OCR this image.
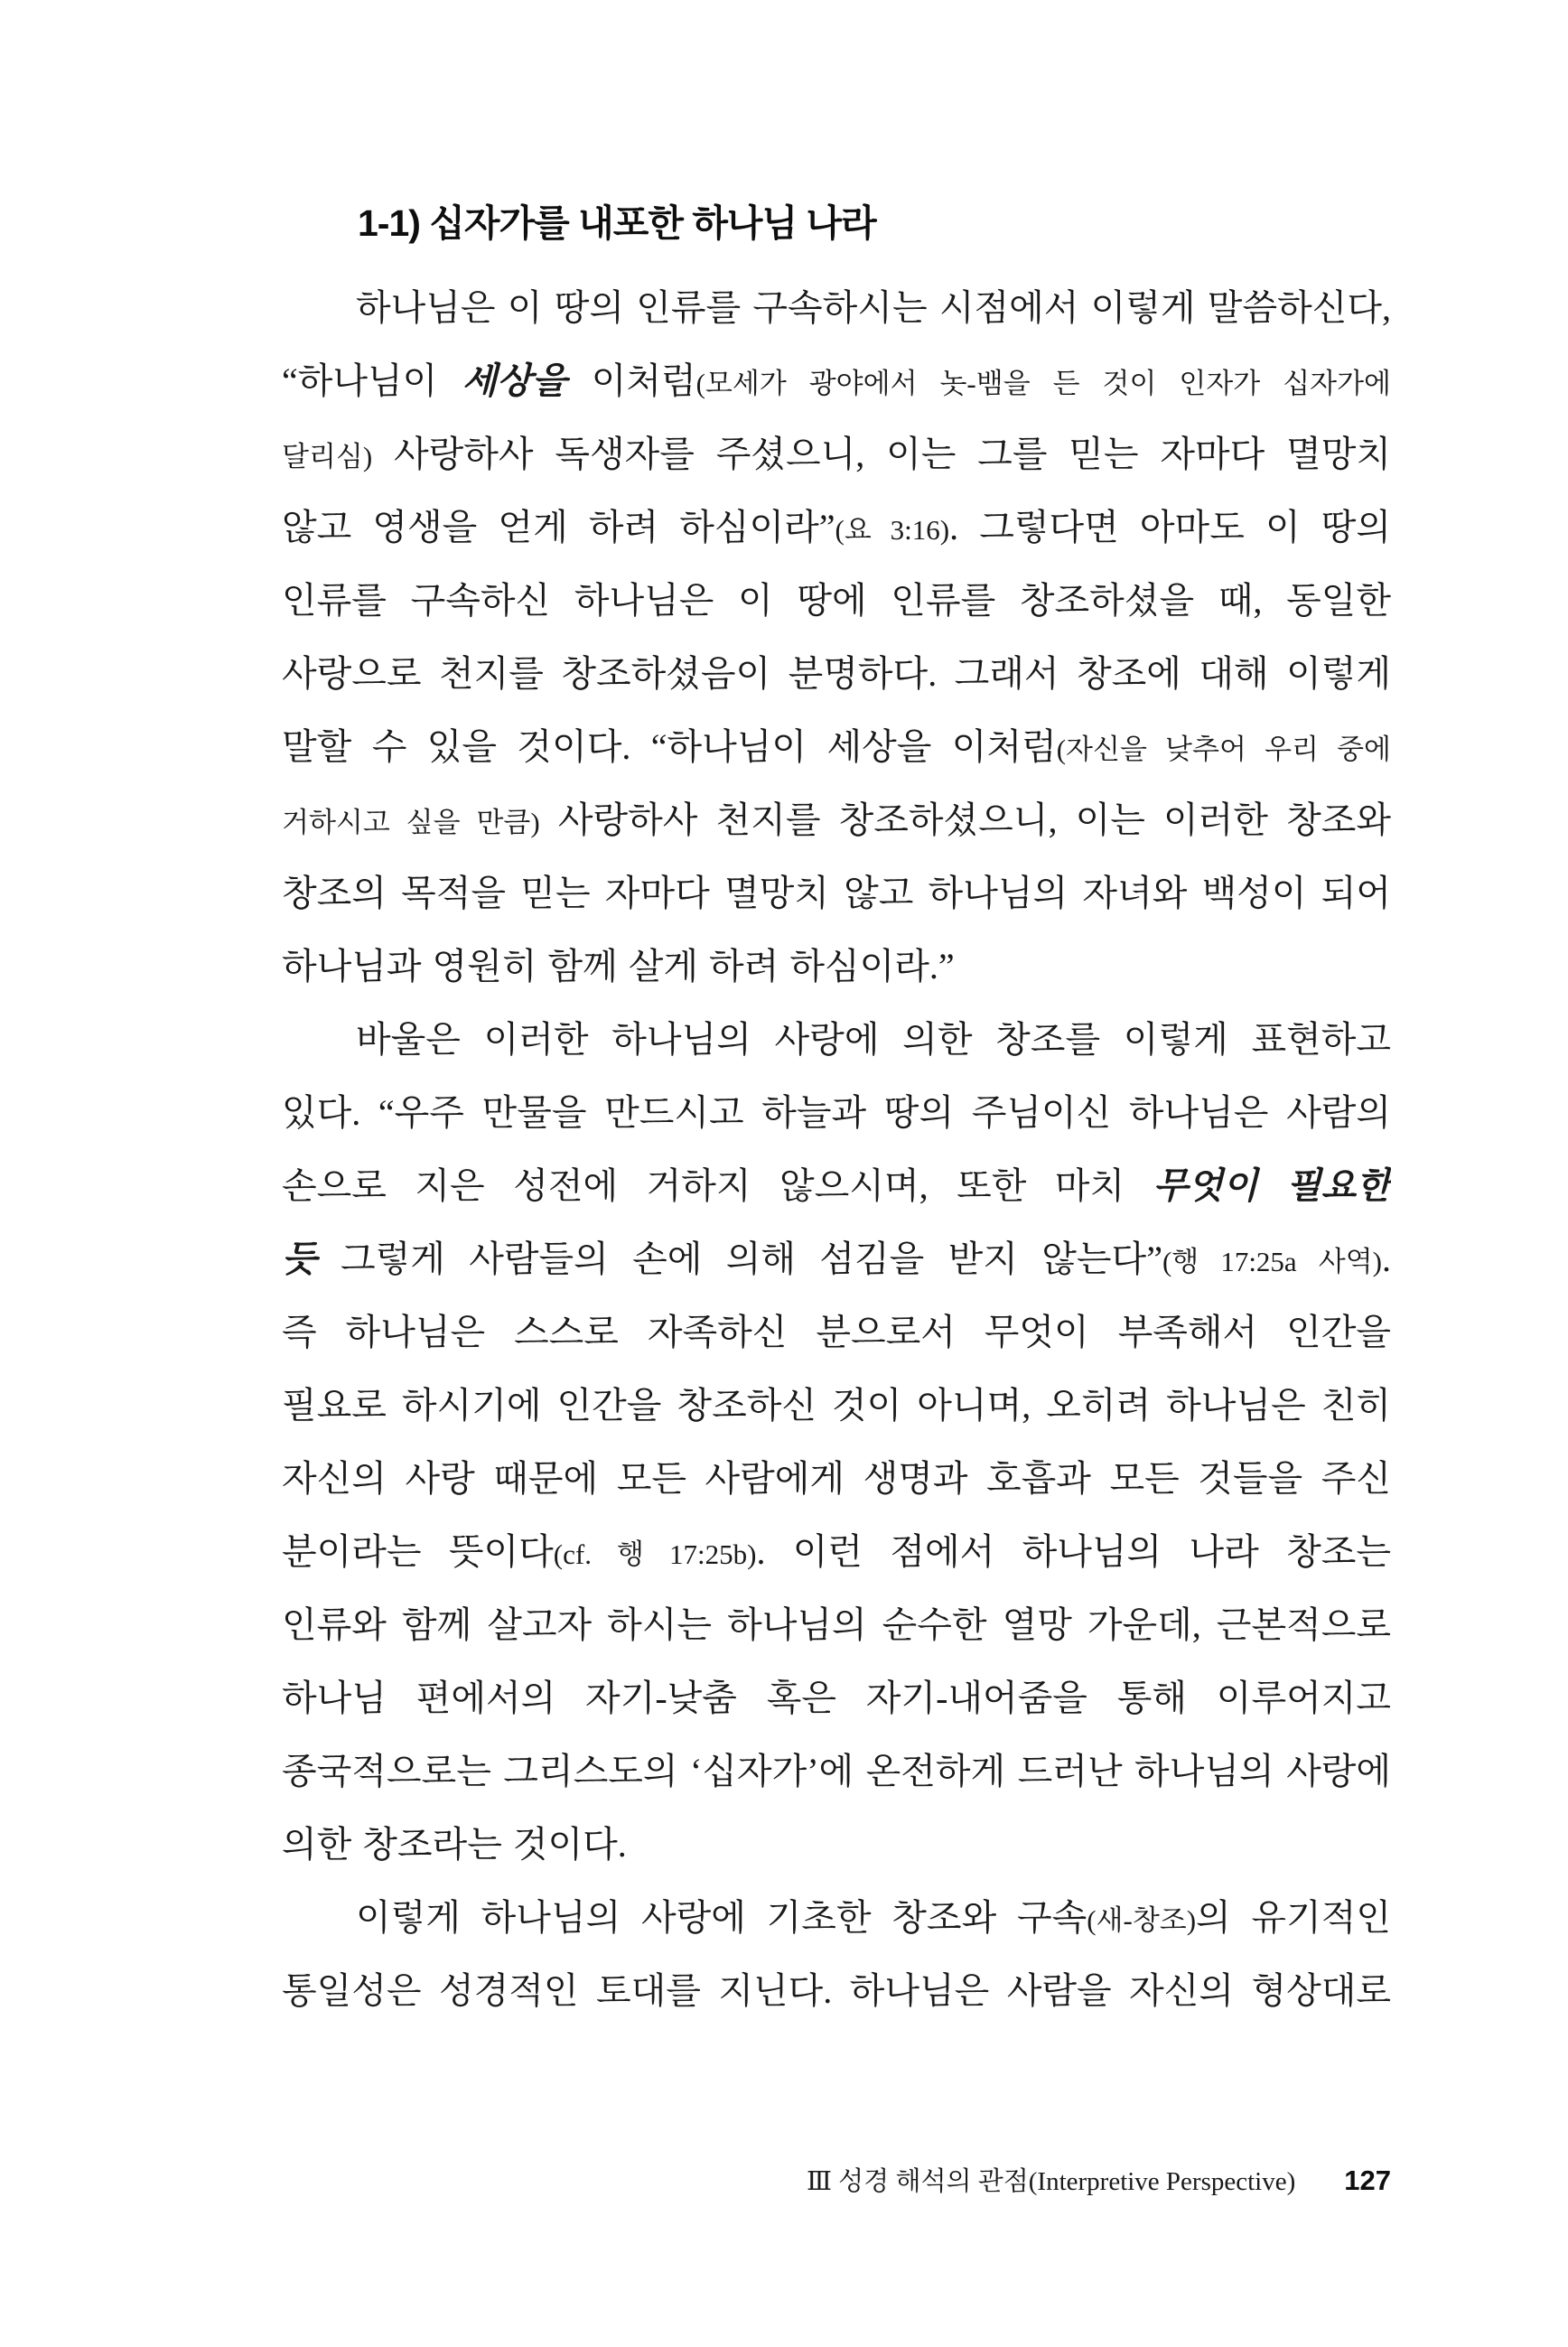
1-1) 십자가를 내포한 하나님 나라
하나님은 이 땅의 인류를 구속하시는 시점에서 이렇게 말씀하신다,
“하나님이 세상을 이처럼(모세가 광야에서 놋-뱀을 든 것이 인자가 십자가에
달리심) 사랑하사 독생자를 주셨으니, 이는 그를 믿는 자마다 멸망치
않고 영생을 얻게 하려 하심이라”(요 3:16). 그렇다면 아마도 이 땅의
인류를 구속하신 하나님은 이 땅에 인류를 창조하셨을 때, 동일한
사랑으로 천지를 창조하셨음이 분명하다. 그래서 창조에 대해 이렇게
말할 수 있을 것이다. “하나님이 세상을 이처럼(자신을 낮추어 우리 중에
거하시고 싶을 만큼) 사랑하사 천지를 창조하셨으니, 이는 이러한 창조와
창조의 목적을 믿는 자마다 멸망치 않고 하나님의 자녀와 백성이 되어
하나님과 영원히 함께 살게 하려 하심이라.”
바울은 이러한 하나님의 사랑에 의한 창조를 이렇게 표현하고
있다. “우주 만물을 만드시고 하늘과 땅의 주님이신 하나님은 사람의
손으로 지은 성전에 거하지 않으시며, 또한 마치 무엇이 필요한
듯 그렇게 사람들의 손에 의해 섬김을 받지 않는다”(행 17:25a 사역).
즉 하나님은 스스로 자족하신 분으로서 무엇이 부족해서 인간을
필요로 하시기에 인간을 창조하신 것이 아니며, 오히려 하나님은 친히
자신의 사랑 때문에 모든 사람에게 생명과 호흡과 모든 것들을 주신
분이라는 뜻이다(cf. 행 17:25b). 이런 점에서 하나님의 나라 창조는
인류와 함께 살고자 하시는 하나님의 순수한 열망 가운데, 근본적으로
하나님 편에서의 자기-낮춤 혹은 자기-내어줌을 통해 이루어지고
종국적으로는 그리스도의 ‘십자가’에 온전하게 드러난 하나님의 사랑에
의한 창조라는 것이다.
이렇게 하나님의 사랑에 기초한 창조와 구속(새-창조)의 유기적인
통일성은 성경적인 토대를 지닌다. 하나님은 사람을 자신의 형상대로
Ⅲ 성경 해석의 관점(Interpretive Perspective) 127
